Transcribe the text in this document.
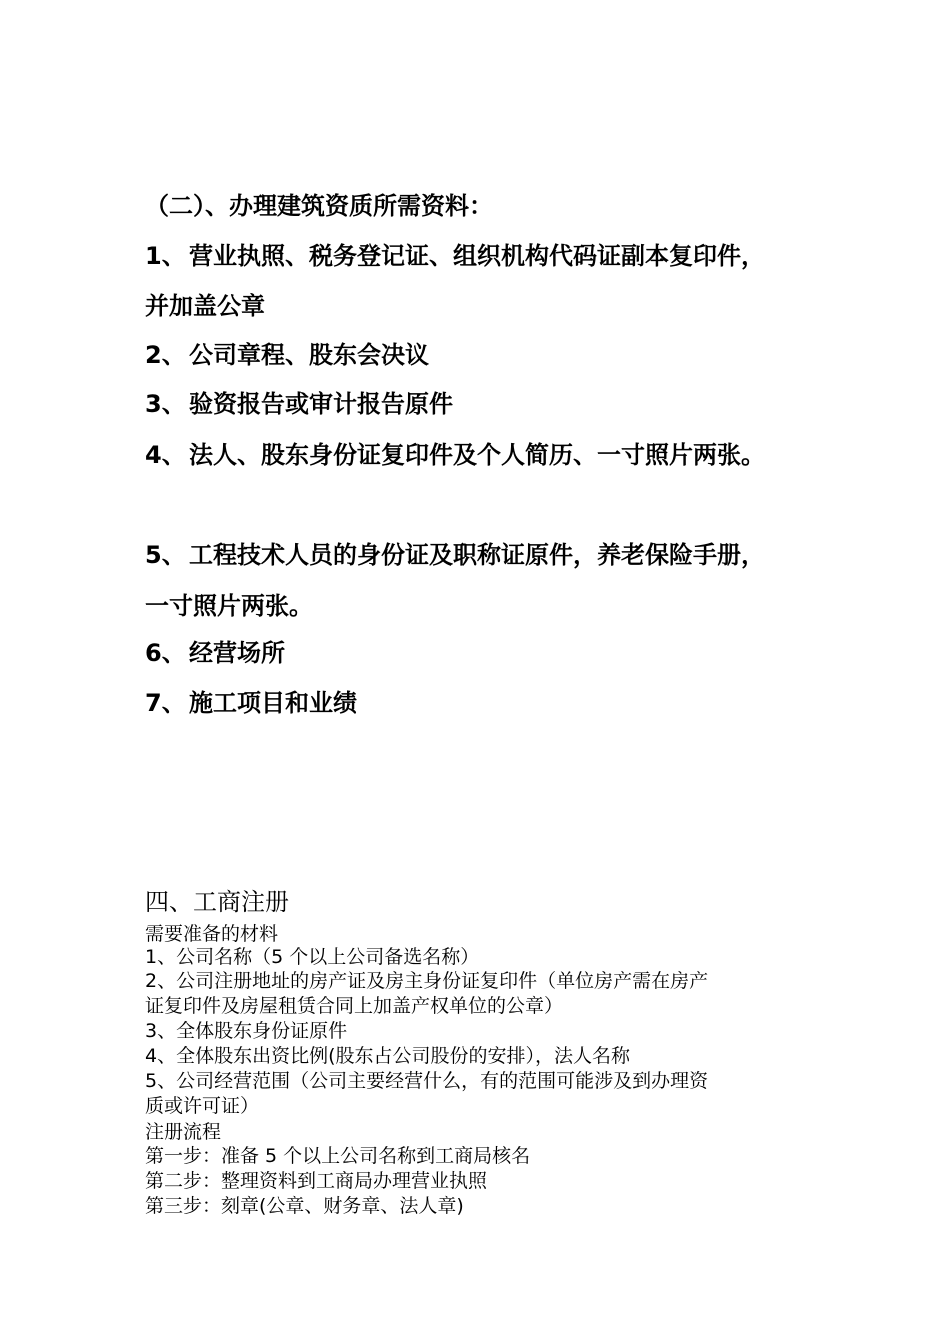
（二）、办理建筑资质所需资料：
1、 营业执照、税务登记证、组织机构代码证副本复印件，
并加盖公章
2、 公司章程、股东会决议
3、 验资报告或审计报告原件
4、 法人、股东身份证复印件及个人简历、一寸照片两张。
5、 工程技术人员的身份证及职称证原件，养老保险手册，
一寸照片两张。
6、 经营场所
7、 施工项目和业绩
四、工商注册
需要准备的材料
1、公司名称（5 个以上公司备选名称）
2、公司注册地址的房产证及房主身份证复印件（单位房产需在房产
证复印件及房屋租赁合同上加盖产权单位的公章）
3、全体股东身份证原件
4、全体股东出资比例(股东占公司股份的安排），法人名称
5、公司经营范围（公司主要经营什么，有的范围可能涉及到办理资
质或许可证）
注册流程
第一步：准备 5 个以上公司名称到工商局核名
第二步：整理资料到工商局办理营业执照
第三步：刻章(公章、财务章、法人章)
